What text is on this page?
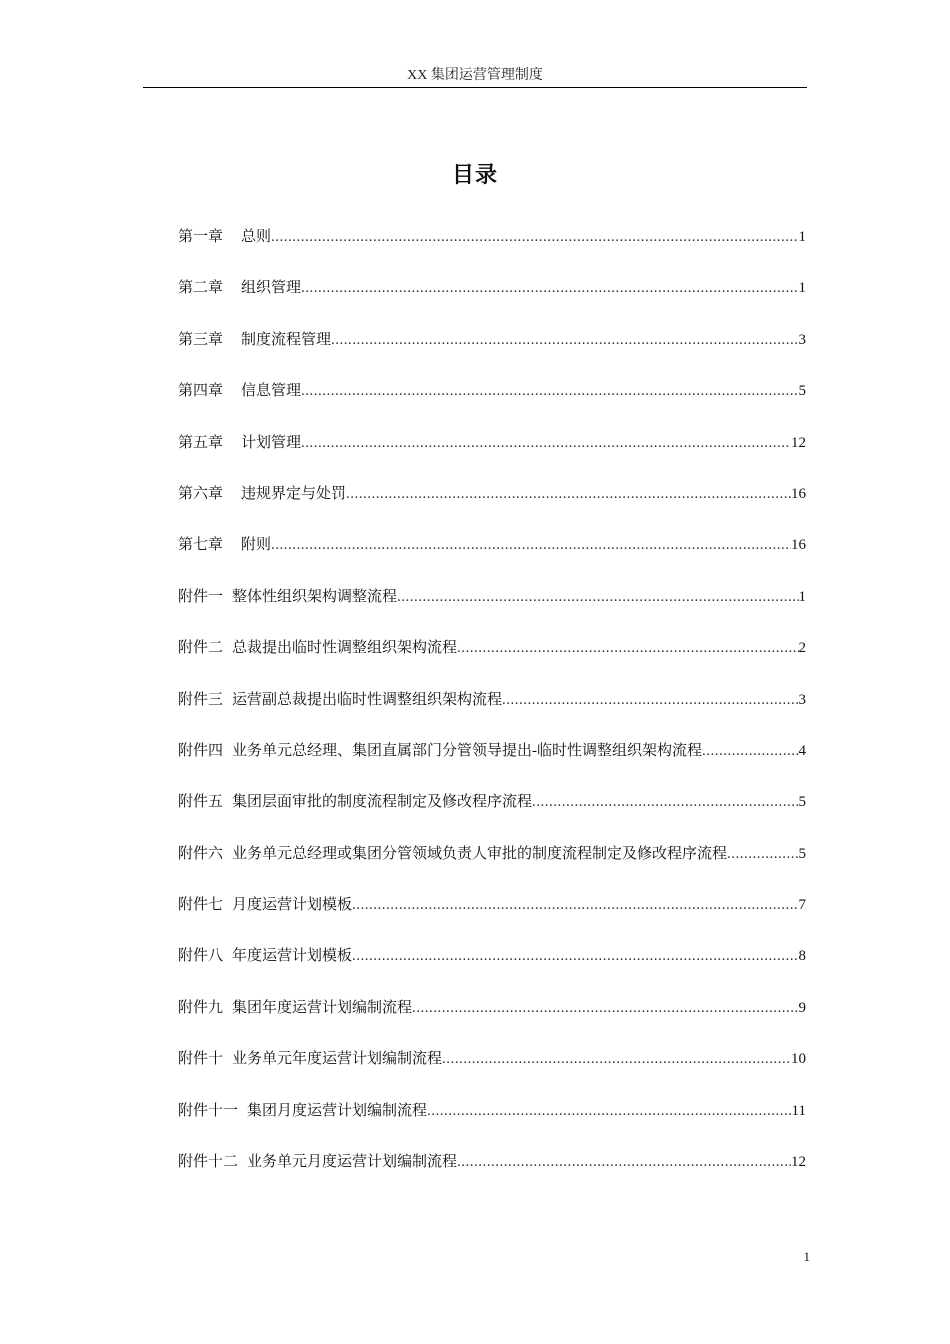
XX 集团运营管理制度
目录
第一章 总则 .....	1
第二章 组织管理 .....	1
第三章 制度流程管理 .....	3
第四章 信息管理 .....	5
第五章 计划管理 .....	12
第六章 违规界定与处罚 .....	16
第七章 附则 .....	16
附件一 整体性组织架构调整流程 .....	1
附件二 总裁提出临时性调整组织架构流程 .....	2
附件三 运营副总裁提出临时性调整组织架构流程 .....	3
附件四 业务单元总经理、集团直属部门分管领导提出-临时性调整组织架构流程 .....	4
附件五 集团层面审批的制度流程制定及修改程序流程 .....	5
附件六 业务单元总经理或集团分管领域负责人审批的制度流程制定及修改程序流程 .....	5
附件七 月度运营计划模板 .....	7
附件八 年度运营计划模板 .....	8
附件九 集团年度运营计划编制流程 .....	9
附件十 业务单元年度运营计划编制流程 .....	10
附件十一 集团月度运营计划编制流程 .....	11
附件十二 业务单元月度运营计划编制流程 .....	12
1
